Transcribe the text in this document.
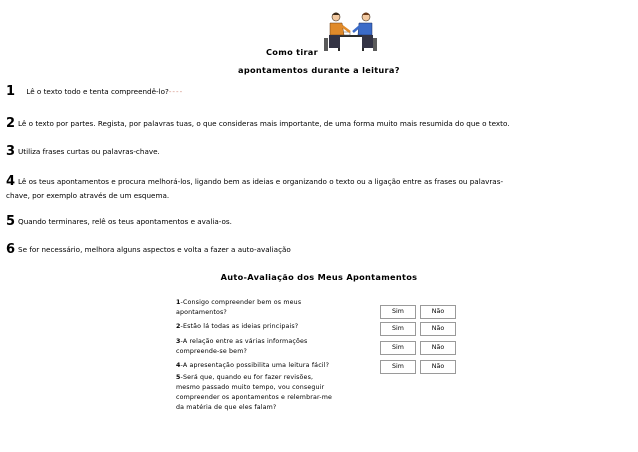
Como tirar
apontamentos durante a leitura?
1 Lê o texto todo e tenta compreendê-lo?----
2 Lê o texto por partes. Regista, por palavras tuas, o que consideras mais importante, de uma forma muito mais resumida do que o texto.
3 Utiliza frases curtas ou palavras-chave.
4 Lê os teus apontamentos e procura melhorá-los, ligando bem as ideias e organizando o texto ou a ligação entre as frases ou palavras-
chave, por exemplo através de um esquema.
5 Quando terminares, relê os teus apontamentos e avalia-os.
6 Se for necessário, melhora alguns aspectos e volta a fazer a auto-avaliação
Auto-Avaliação dos Meus Apontamentos
1-Consigo compreender bem os meus
apontamentos?	Sim	Não
2-Estão lá todas as ideias principais?	Sim	Não
3-A relação entre as várias informações
compreende-se bem?
Sim	Não
4-A apresentação possibilita uma leitura fácil?	Sim	Não
5-Será que, quando eu for fazer revisões,
mesmo passado muito tempo, vou conseguir
compreender os apontamentos e relembrar-me
da matéria de que eles falam?
